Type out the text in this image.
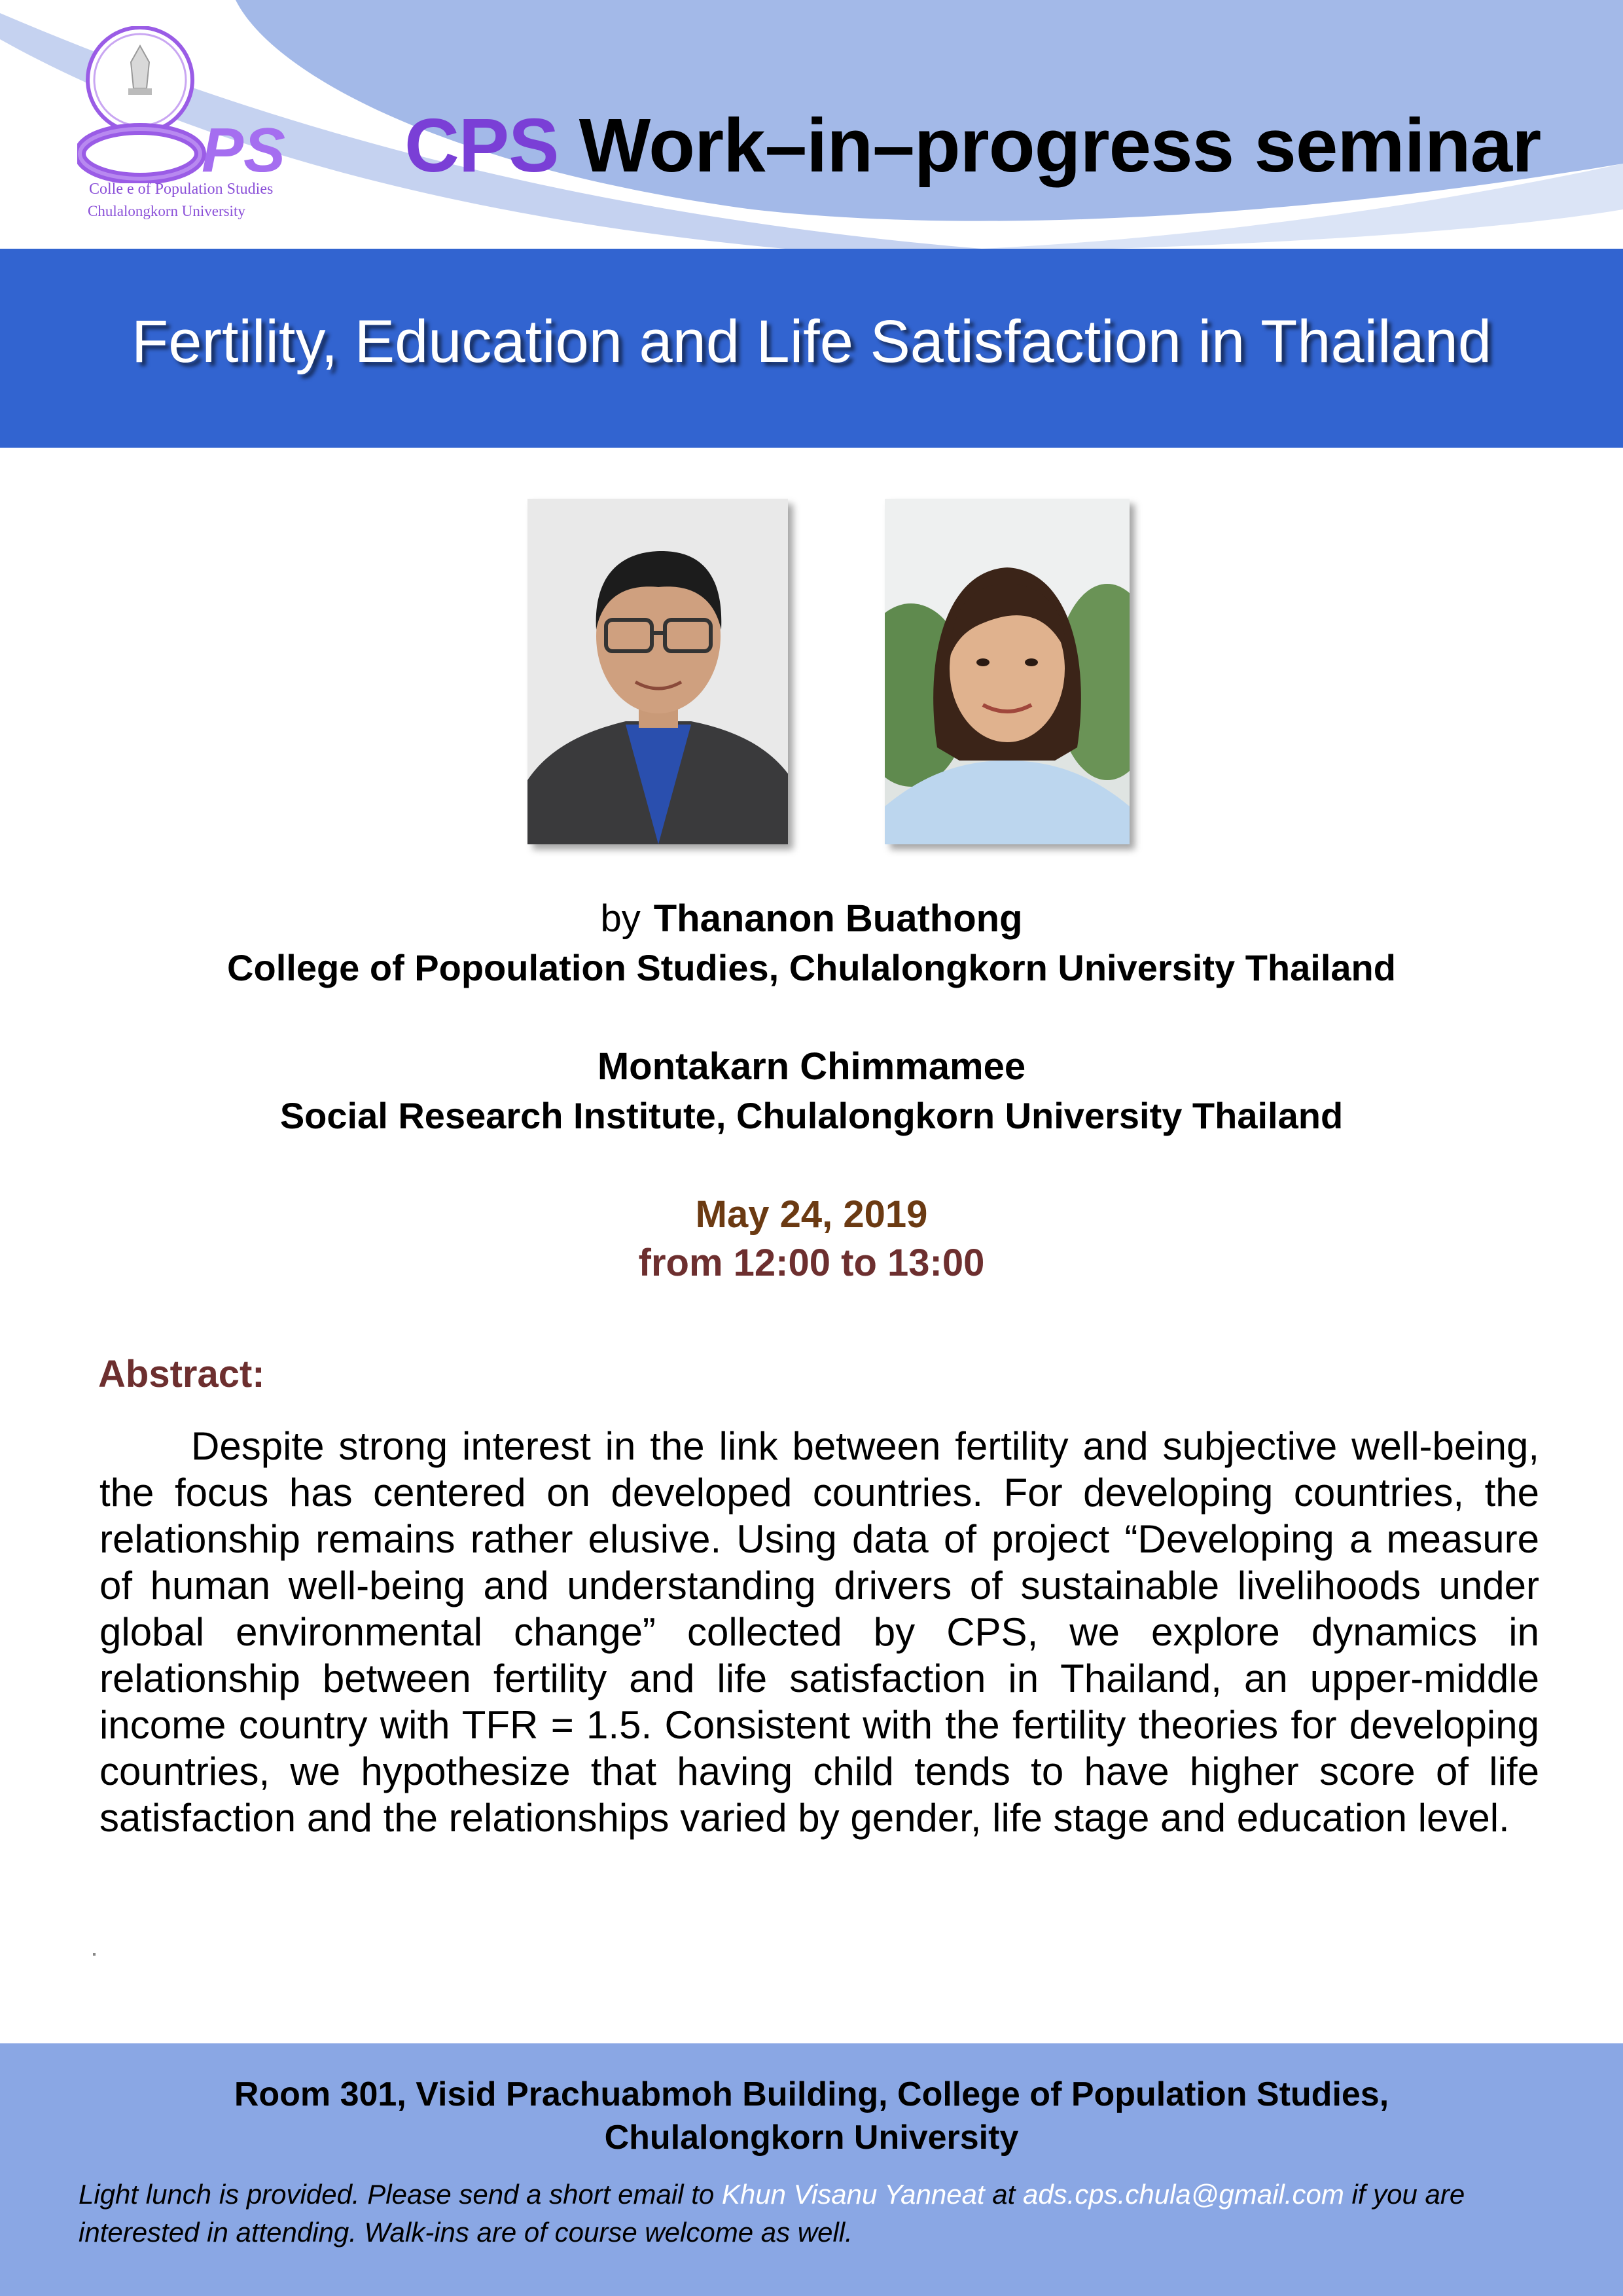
PS
Colle e of Population Studies
Chulalongkorn University
CPS Work–in–progress seminar
Fertility, Education and Life Satisfaction in Thailand
by Thananon Buathong
College of Popoulation Studies, Chulalongkorn University Thailand
Montakarn Chimmamee
Social Research Institute, Chulalongkorn University Thailand
May 24, 2019
from 12:00 to 13:00
Abstract:
Despite strong interest in the link between fertility and subjective well-being, the focus has centered on developed countries. For developing countries, the relationship remains rather elusive. Using data of project “Developing a measure of human well-being and understanding drivers of sustainable livelihoods under global environmental change” collected by CPS, we explore dynamics in relationship between fertility and life satisfaction in Thailand, an upper-middle income country with TFR = 1.5. Consistent with the fertility theories for developing countries, we hypothesize that having child tends to have higher score of life satisfaction and the relationships varied by gender, life stage and education level.
Room 301, Visid Prachuabmoh Building, College of Population Studies,
Chulalongkorn University
Light lunch is provided. Please send a short email to Khun Visanu Yanneat at ads.cps.chula@gmail.com if you are interested in attending. Walk-ins are of course welcome as well.
